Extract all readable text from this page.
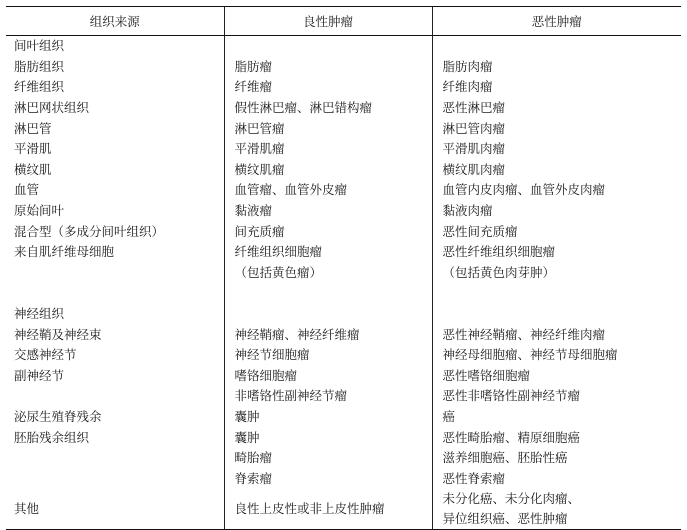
组织来源	良性肿瘤	恶性肿瘤
间叶组织		
脂肪组织	脂肪瘤	脂肪肉瘤
纤维组织	纤维瘤	纤维肉瘤
淋巴网状组织	假性淋巴瘤、淋巴错构瘤	恶性淋巴瘤
淋巴管	淋巴管瘤	淋巴管肉瘤
平滑肌	平滑肌瘤	平滑肌肉瘤
横纹肌	横纹肌瘤	横纹肌肉瘤
血管	血管瘤、血管外皮瘤	血管内皮肉瘤、血管外皮肉瘤
原始间叶	黏液瘤	黏液肉瘤
混合型（多成分间叶组织）	间充质瘤	恶性间充质瘤
来自肌纤维母细胞	纤维组织细胞瘤	恶性纤维组织细胞瘤
	（包括黄色瘤）	（包括黄色肉芽肿）

神经组织		
神经鞘及神经束	神经鞘瘤、神经纤维瘤	恶性神经鞘瘤、神经纤维肉瘤
交感神经节	神经节细胞瘤	神经母细胞瘤、神经节母细胞瘤
副神经节	嗜铬细胞瘤	恶性嗜铬细胞瘤
	非嗜铬性副神经节瘤	恶性非嗜铬性副神经节瘤
泌尿生殖脊残余	囊肿	癌
胚胎残余组织	囊肿	恶性畸胎瘤、精原细胞癌
	畸胎瘤	滋养细胞癌、胚胎性癌
	脊索瘤	恶性脊索瘤
其他	良性上皮性或非上皮性肿瘤	未分化癌、未分化肉瘤、
异位组织癌、恶性肿瘤
